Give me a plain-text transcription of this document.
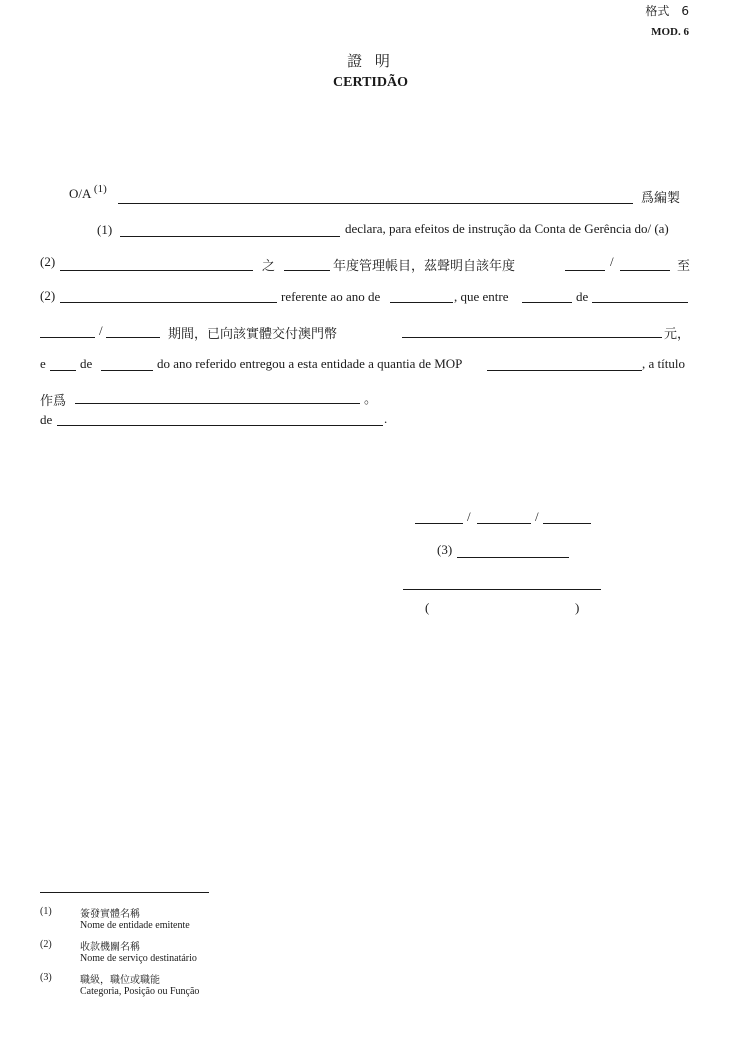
格式　6
MOD. 6
證 明
CERTIDÃO
O/A $^{(1)}$
爲編製
(1)	declara, para efeitos de instrução da Conta de Gerência do/ (a)
(2)	之	年度管理帳目，茲聲明自該年度	/	至
(2)	referente ao ano de	, que entre	de
/	期間，已向該實體交付澳門幣	元，
e	de	do ano referido entregou a esta entidade a quantia de MOP	, a título
作爲	。
de	.
/	/
(3)
(	)
(1)	簽發實體名稱
Nome de entidade emitente
(2)	收款機關名稱
Nome de serviço destinatário
(3)	職級，職位或職能
Categoria, Posição ou Função
